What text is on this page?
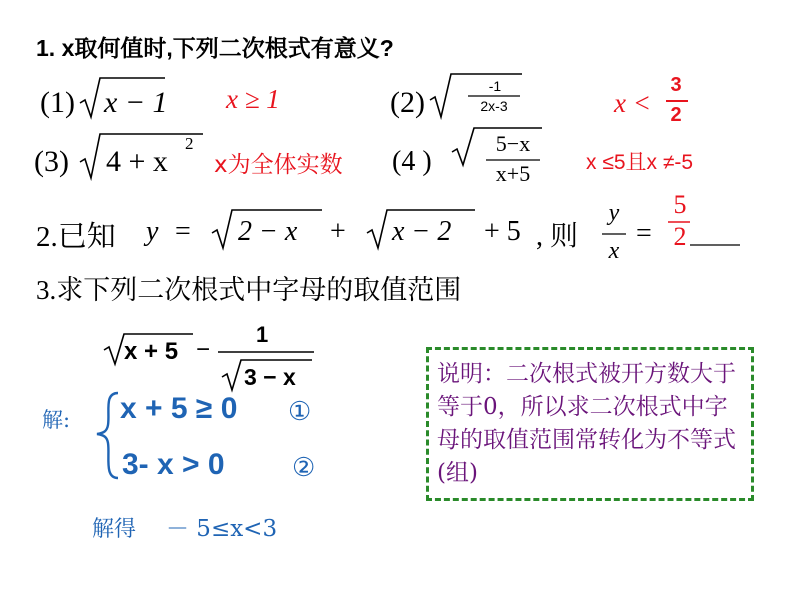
1. x取何值时,下列二次根式有意义?
(1) x − 1 x ≥ 1	(2)	-1
2x-3	x <
3
2
(3) 4 + x
2
x为全体实数 (4 )
5−x
x+5	x ≤5且x ≠-5
2.已知 y = 2 − x + x − 2 + 5 , 则
y
x
=
5
2
3.求下列二次根式中字母的取值范围
x + 5 −
1
3 − x
解: x + 5 ≥ 0 ①
3- x > 0	②
解得 － 5≤x<3
说明：二次根式被开方数大于等于0，所以求二次根式中字母的取值范围常转化为不等式(组)
